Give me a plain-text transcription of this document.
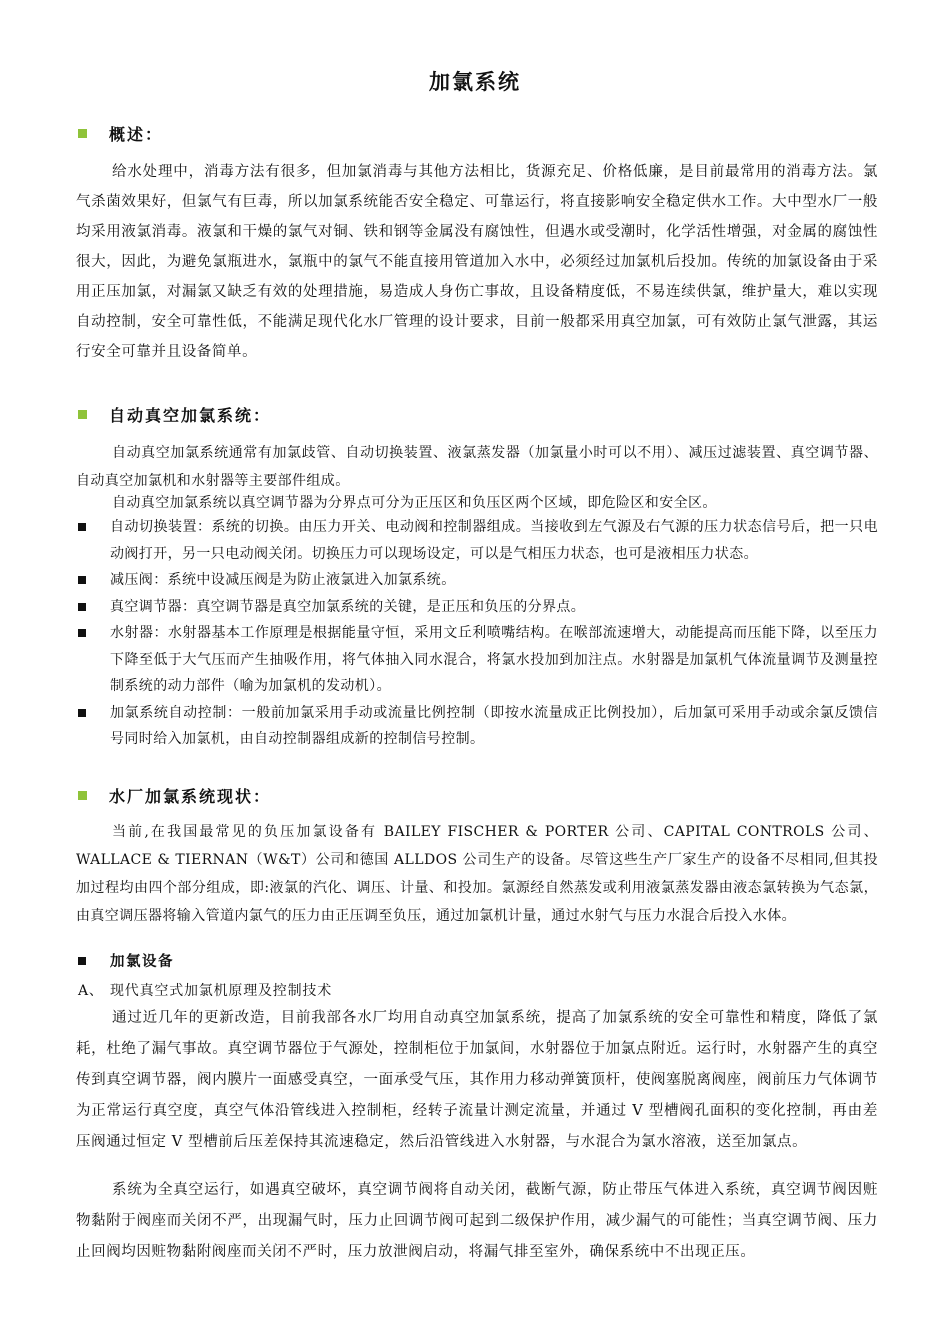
加氯系统
概述：
给水处理中，消毒方法有很多，但加氯消毒与其他方法相比，货源充足、价格低廉，是目前最常用的消毒方法。氯气杀菌效果好，但氯气有巨毒，所以加氯系统能否安全稳定、可靠运行，将直接影响安全稳定供水工作。大中型水厂一般均采用液氯消毒。液氯和干燥的氯气对铜、铁和钢等金属没有腐蚀性，但遇水或受潮时，化学活性增强，对金属的腐蚀性很大，因此，为避免氯瓶进水，氯瓶中的氯气不能直接用管道加入水中，必须经过加氯机后投加。传统的加氯设备由于采用正压加氯，对漏氯又缺乏有效的处理措施，易造成人身伤亡事故，且设备精度低，不易连续供氯，维护量大，难以实现自动控制，安全可靠性低，不能满足现代化水厂管理的设计要求，目前一般都采用真空加氯，可有效防止氯气泄露，其运行安全可靠并且设备简单。
自动真空加氯系统：
自动真空加氯系统通常有加氯歧管、自动切换装置、液氯蒸发器（加氯量小时可以不用）、减压过滤装置、真空调节器、自动真空加氯机和水射器等主要部件组成。
自动真空加氯系统以真空调节器为分界点可分为正压区和负压区两个区域，即危险区和安全区。
自动切换装置：系统的切换。由压力开关、电动阀和控制器组成。当接收到左气源及右气源的压力状态信号后，把一只电动阀打开，另一只电动阀关闭。切换压力可以现场设定，可以是气相压力状态，也可是液相压力状态。
减压阀：系统中设减压阀是为防止液氯进入加氯系统。
真空调节器：真空调节器是真空加氯系统的关键，是正压和负压的分界点。
水射器：水射器基本工作原理是根据能量守恒，采用文丘利喷嘴结构。在喉部流速增大，动能提高而压能下降，以至压力下降至低于大气压而产生抽吸作用，将气体抽入同水混合，将氯水投加到加注点。水射器是加氯机气体流量调节及测量控制系统的动力部件（喻为加氯机的发动机）。
加氯系统自动控制：一般前加氯采用手动或流量比例控制（即按水流量成正比例投加），后加氯可采用手动或余氯反馈信号同时给入加氯机，由自动控制器组成新的控制信号控制。
水厂加氯系统现状：
当前,在我国最常见的负压加氯设备有 BAILEY FISCHER & PORTER 公司、CAPITAL CONTROLS 公司、WALLACE & TIERNAN（W&T）公司和德国 ALLDOS 公司生产的设备。尽管这些生产厂家生产的设备不尽相同,但其投加过程均由四个部分组成，即:液氯的汽化、调压、计量、和投加。氯源经自然蒸发或利用液氯蒸发器由液态氯转换为气态氯，由真空调压器将输入管道内氯气的压力由正压调至负压，通过加氯机计量，通过水射气与压力水混合后投入水体。
加氯设备
A、 现代真空式加氯机原理及控制技术
通过近几年的更新改造，目前我部各水厂均用自动真空加氯系统，提高了加氯系统的安全可靠性和精度，降低了氯耗，杜绝了漏气事故。真空调节器位于气源处，控制柜位于加氯间，水射器位于加氯点附近。运行时，水射器产生的真空传到真空调节器，阀内膜片一面感受真空，一面承受气压，其作用力移动弹簧顶杆，使阀塞脱离阀座，阀前压力气体调节为正常运行真空度，真空气体沿管线进入控制柜，经转子流量计测定流量，并通过 V 型槽阀孔面积的变化控制，再由差压阀通过恒定 V 型槽前后压差保持其流速稳定，然后沿管线进入水射器，与水混合为氯水溶液，送至加氯点。
系统为全真空运行，如遇真空破坏，真空调节阀将自动关闭，截断气源，防止带压气体进入系统，真空调节阀因赃物黏附于阀座而关闭不严，出现漏气时，压力止回调节阀可起到二级保护作用，减少漏气的可能性；当真空调节阀、压力止回阀均因赃物黏附阀座而关闭不严时，压力放泄阀启动，将漏气排至室外，确保系统中不出现正压。
